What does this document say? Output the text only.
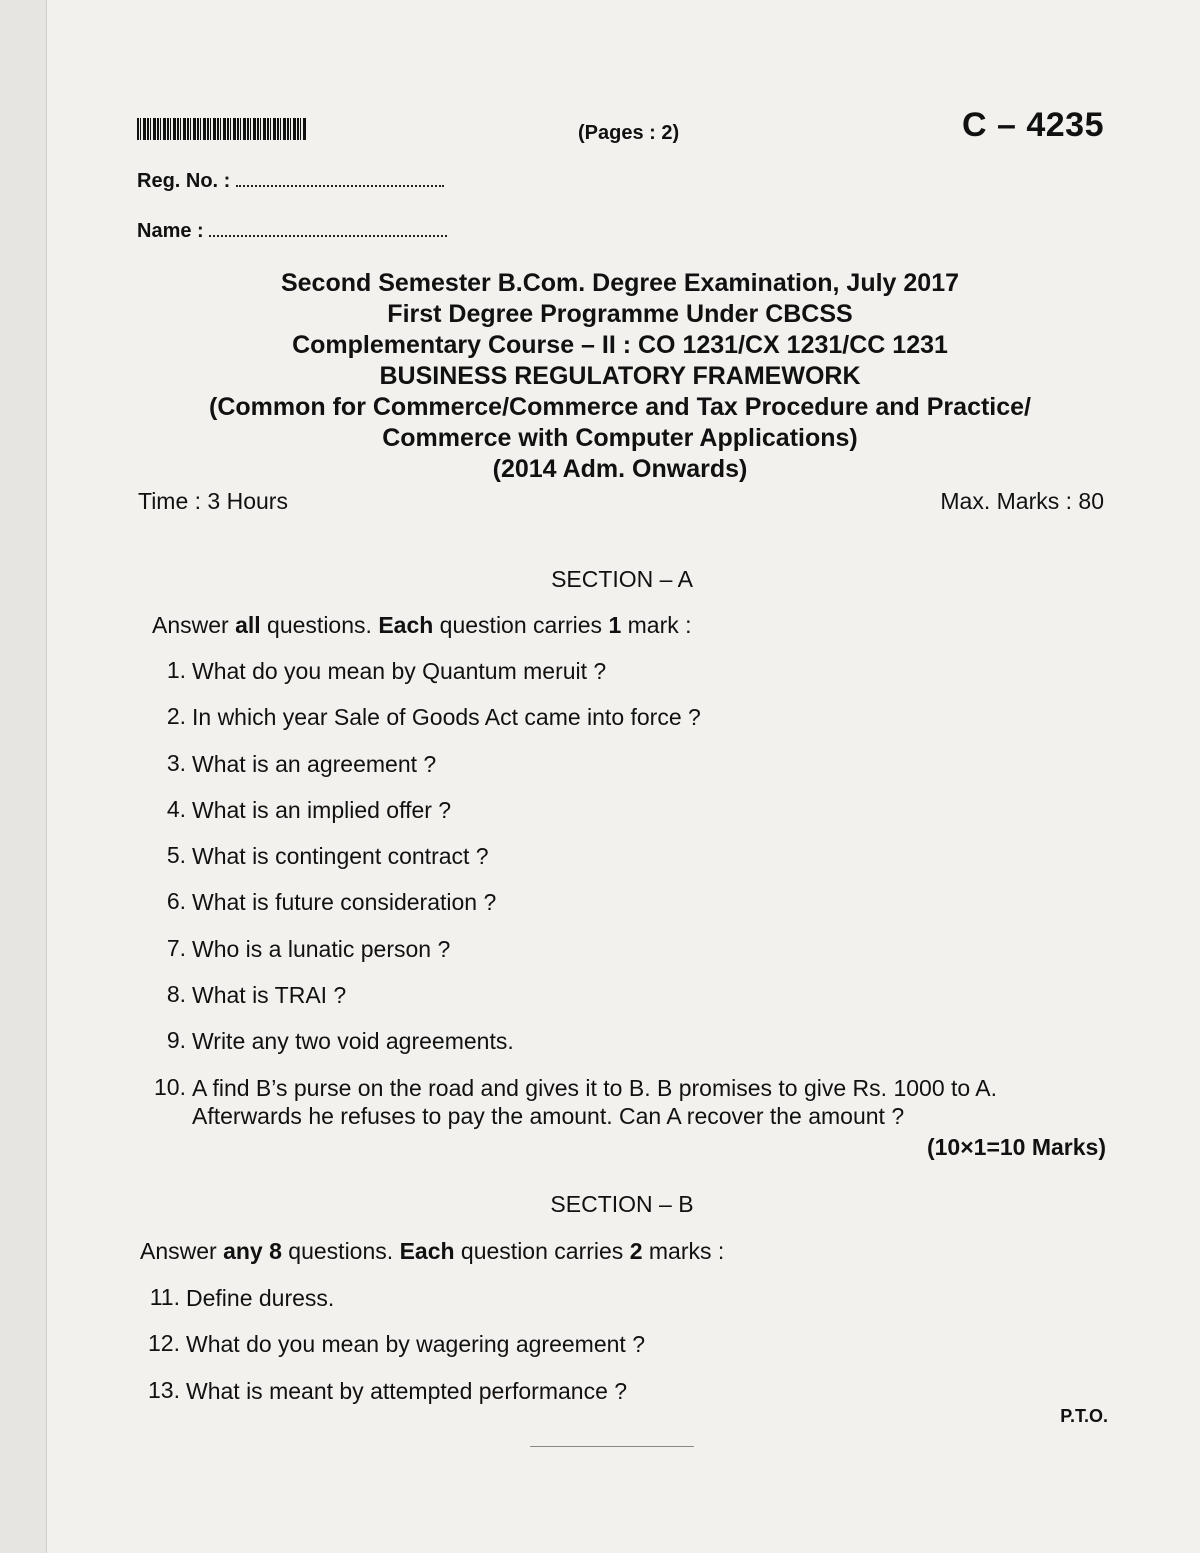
(Pages : 2)	C – 4235
Reg. No. :
Name :
Second Semester B.Com. Degree Examination, July 2017
First Degree Programme Under CBCSS
Complementary Course – II : CO 1231/CX 1231/CC 1231
BUSINESS REGULATORY FRAMEWORK
(Common for Commerce/Commerce and Tax Procedure and Practice/
Commerce with Computer Applications)
(2014 Adm. Onwards)
Time : 3 Hours	Max. Marks : 80
SECTION – A
Answer all questions. Each question carries 1 mark :
1. What do you mean by Quantum meruit ?
2. In which year Sale of Goods Act came into force ?
3. What is an agreement ?
4. What is an implied offer ?
5. What is contingent contract ?
6. What is future consideration ?
7. Who is a lunatic person ?
8. What is TRAI ?
9. Write any two void agreements.
10. A find B’s purse on the road and gives it to B. B promises to give Rs. 1000 to A. Afterwards he refuses to pay the amount. Can A recover the amount ?
(10×1=10 Marks)
SECTION – B
Answer any 8 questions. Each question carries 2 marks :
11. Define duress.
12. What do you mean by wagering agreement ?
13. What is meant by attempted performance ?
P.T.O.
